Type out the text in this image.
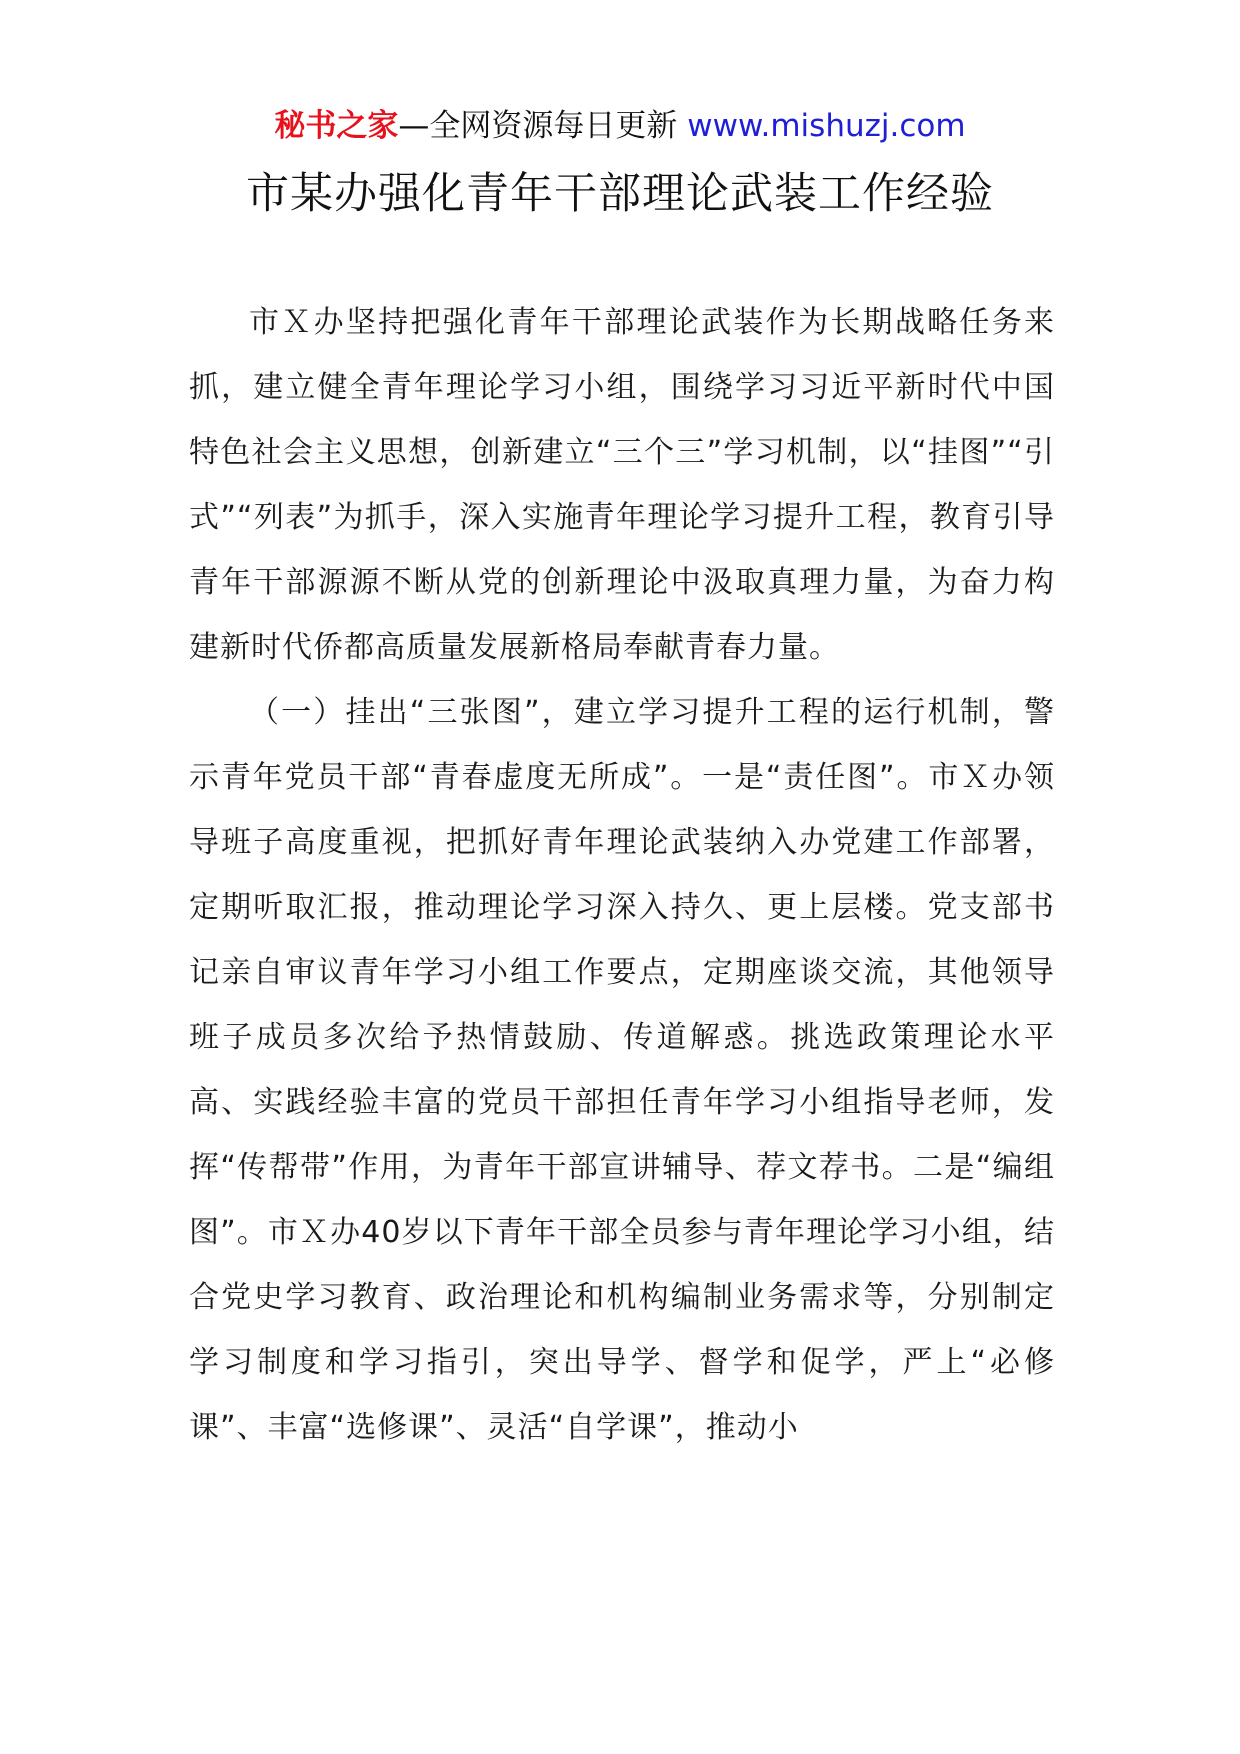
秘书之家—全网资源每日更新 www.mishuzj.com
市某办强化青年干部理论武装工作经验

市Ｘ办坚持把强化青年干部理论武装作为长期战略任务来抓，建立健全青年理论学习小组，围绕学习习近平新时代中国特色社会主义思想，创新建立“三个三”学习机制，以“挂图”“引式”“列表”为抓手，深入实施青年理论学习提升工程，教育引导青年干部源源不断从党的创新理论中汲取真理力量，为奋力构建新时代侨都高质量发展新格局奉献青春力量。

（一）挂出“三张图”，建立学习提升工程的运行机制，警示青年党员干部“青春虚度无所成”。一是“责任图”。市Ｘ办领导班子高度重视，把抓好青年理论武装纳入办党建工作部署，定期听取汇报，推动理论学习深入持久、更上层楼。党支部书记亲自审议青年学习小组工作要点，定期座谈交流，其他领导班子成员多次给予热情鼓励、传道解惑。挑选政策理论水平高、实践经验丰富的党员干部担任青年学习小组指导老师，发挥“传帮带”作用，为青年干部宣讲辅导、荐文荐书。二是“编组图”。市Ｘ办40岁以下青年干部全员参与青年理论学习小组，结合党史学习教育、政治理论和机构编制业务需求等，分别制定学习制度和学习指引，突出导学、督学和促学，严上“必修课”、丰富“选修课”、灵活“自学课”，推动小
